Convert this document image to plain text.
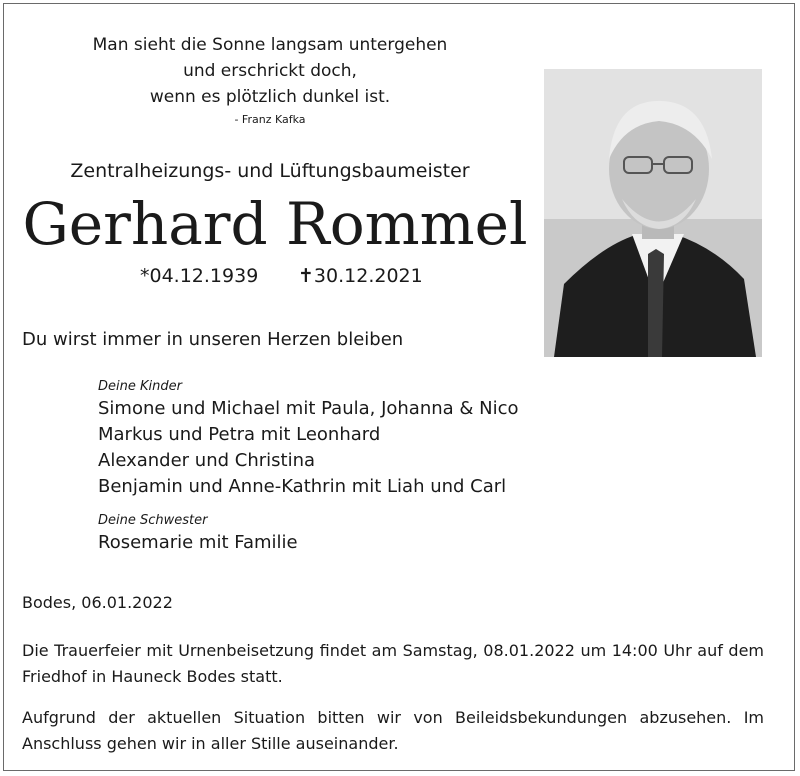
Man sieht die Sonne langsam untergehen
und erschrickt doch,
wenn es plötzlich dunkel ist.
- Franz Kafka
Zentralheizungs- und Lüftungsbaumeister
Gerhard Rommel
*04.12.1939 ✝30.12.2021
Du wirst immer in unseren Herzen bleiben
Deine Kinder
Simone und Michael mit Paula, Johanna & Nico
Markus und Petra mit Leonhard
Alexander und Christina
Benjamin und Anne-Kathrin mit Liah und Carl
Deine Schwester
Rosemarie mit Familie
Bodes, 06.01.2022
Die Trauerfeier mit Urnenbeisetzung findet am Samstag, 08.01.2022 um 14:00 Uhr auf dem Friedhof in Hauneck Bodes statt.
Aufgrund der aktuellen Situation bitten wir von Beileidsbekundungen abzusehen. Im Anschluss gehen wir in aller Stille auseinander.
